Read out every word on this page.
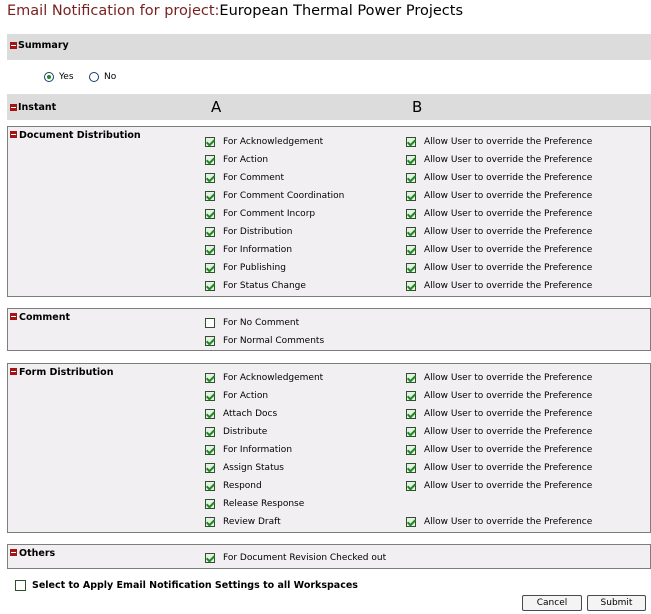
Email Notification for project:European Thermal Power Projects
Summary
Yes	No
Instant	A	B
Document Distribution
For Acknowledgement	Allow User to override the Preference
For Action	Allow User to override the Preference
For Comment	Allow User to override the Preference
For Comment Coordination	Allow User to override the Preference
For Comment Incorp	Allow User to override the Preference
For Distribution	Allow User to override the Preference
For Information	Allow User to override the Preference
For Publishing	Allow User to override the Preference
For Status Change	Allow User to override the Preference
Comment	For No Comment
For Normal Comments
Form Distribution	For Acknowledgement	Allow User to override the Preference
For Action	Allow User to override the Preference
Attach Docs	Allow User to override the Preference
Distribute	Allow User to override the Preference
For Information	Allow User to override the Preference
Assign Status	Allow User to override the Preference
Respond	Allow User to override the Preference
Release Response
Review Draft	Allow User to override the Preference
Others	For Document Revision Checked out
Select to Apply Email Notification Settings to all Workspaces
Cancel	Submit
